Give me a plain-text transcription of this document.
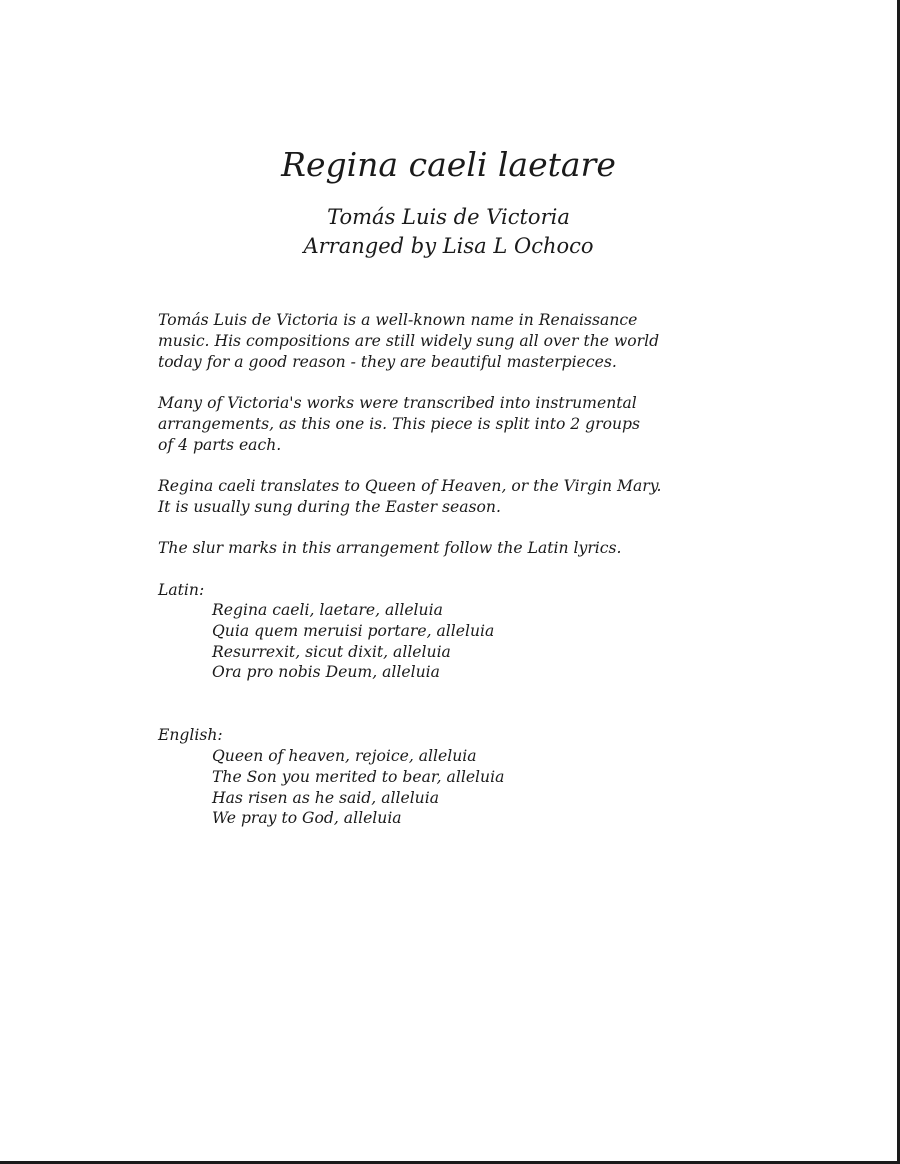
Regina caeli laetare
Tomás Luis de Victoria
Arranged by Lisa L Ochoco

Tomás Luis de Victoria is a well-known name in Renaissance
music. His compositions are still widely sung all over the world
today for a good reason - they are beautiful masterpieces.

Many of Victoria's works were transcribed into instrumental
arrangements, as this one is. This piece is split into 2 groups
of 4 parts each.

Regina caeli translates to Queen of Heaven, or the Virgin Mary.
It is usually sung during the Easter season.

The slur marks in this arrangement follow the Latin lyrics.

Latin:
Regina caeli, laetare, alleluia
Quia quem meruisi portare, alleluia
Resurrexit, sicut dixit, alleluia
Ora pro nobis Deum, alleluia
English:
Queen of heaven, rejoice, alleluia
The Son you merited to bear, alleluia
Has risen as he said, alleluia
We pray to God, alleluia
